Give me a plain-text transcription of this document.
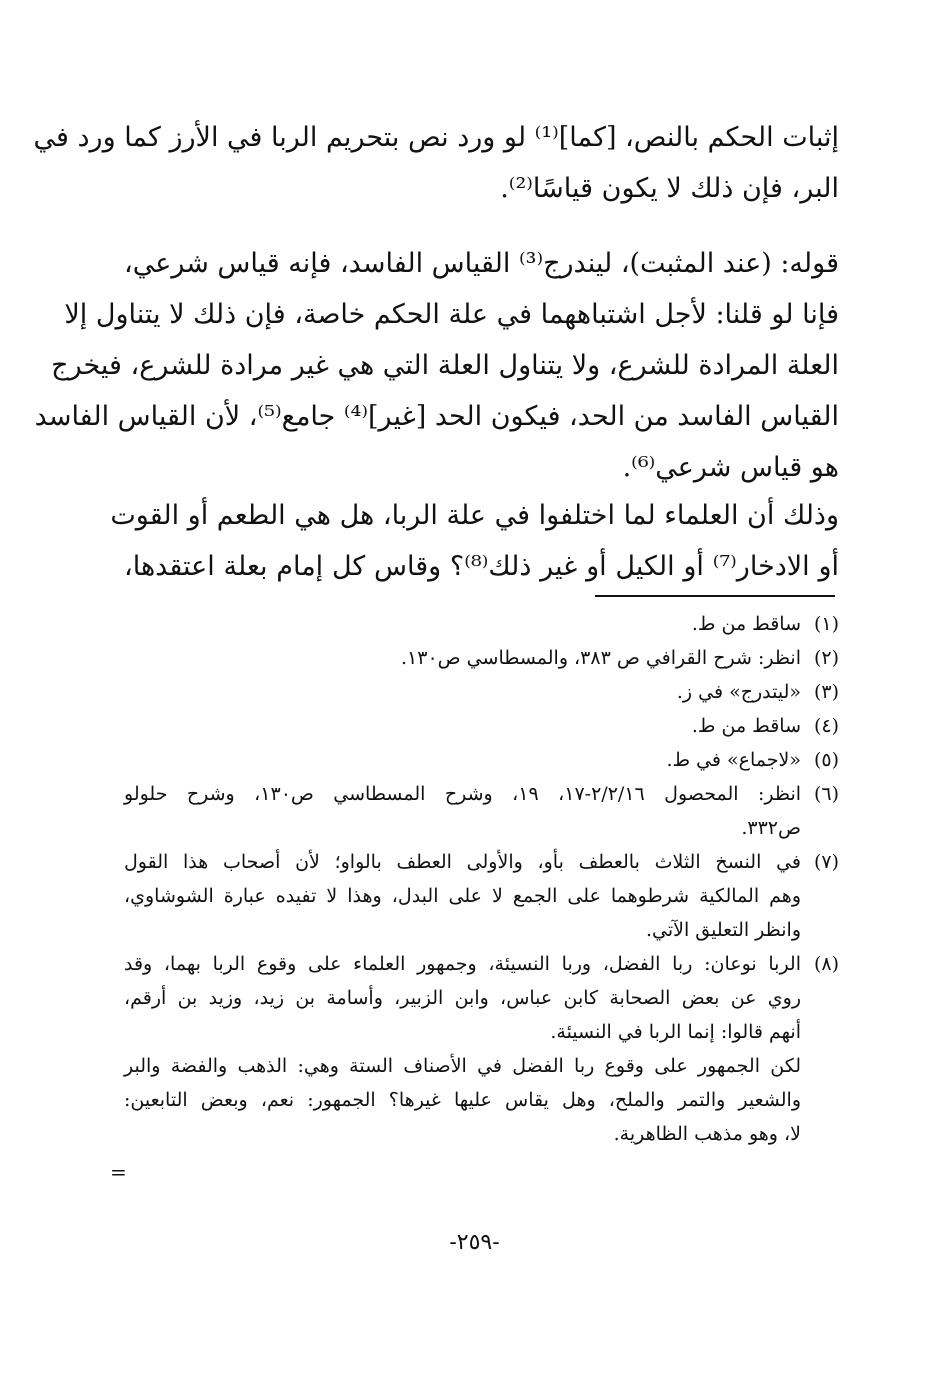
إثبات الحكم بالنص، [كما]⁽¹⁾ لو ورد نص بتحريم الربا في الأرز كما ورد في
البر، فإن ذلك لا يكون قياسًا⁽²⁾.
قوله: (عند المثبت)، ليندرج⁽³⁾ القياس الفاسد، فإنه قياس شرعي،
فإنا لو قلنا: لأجل اشتباههما في علة الحكم خاصة، فإن ذلك لا يتناول إلا
العلة المرادة للشرع، ولا يتناول العلة التي هي غير مرادة للشرع، فيخرج
القياس الفاسد من الحد، فيكون الحد [غير]⁽⁴⁾ جامع⁽⁵⁾، لأن القياس الفاسد
هو قياس شرعي⁽⁶⁾.
وذلك أن العلماء لما اختلفوا في علة الربا، هل هي الطعم أو القوت
أو الادخار⁽⁷⁾ أو الكيل أو غير ذلك⁽⁸⁾؟ وقاس كل إمام بعلة اعتقدها،
(١)
ساقط من ط.
(٢)
انظر: شرح القرافي ص ٣٨٣، والمسطاسي ص١٣٠.
(٣)
«ليتدرج» في ز.
(٤)
ساقط من ط.
(٥)
«لاجماع» في ط.
(٦)
انظر: المحصول ٢/٢/١٦-١٧، ١٩، وشرح المسطاسي ص١٣٠، وشرح حلولو
ص٣٣٢.
(٧)
في النسخ الثلاث بالعطف بأو، والأولى العطف بالواو؛ لأن أصحاب هذا القول
وهم المالكية شرطوهما على الجمع لا على البدل، وهذا لا تفيده عبارة الشوشاوي،
وانظر التعليق الآتي.
(٨)
الربا نوعان: ربا الفضل، وربا النسيئة، وجمهور العلماء على وقوع الربا بهما، وقد
روي عن بعض الصحابة كابن عباس، وابن الزبير، وأسامة بن زيد، وزيد بن أرقم،
أنهم قالوا: إنما الربا في النسيئة.
لكن الجمهور على وقوع ربا الفضل في الأصناف الستة وهي: الذهب والفضة والبر
والشعير والتمر والملح، وهل يقاس عليها غيرها؟ الجمهور: نعم، وبعض التابعين:
لا، وهو مذهب الظاهرية.
=
-٢٥٩-
